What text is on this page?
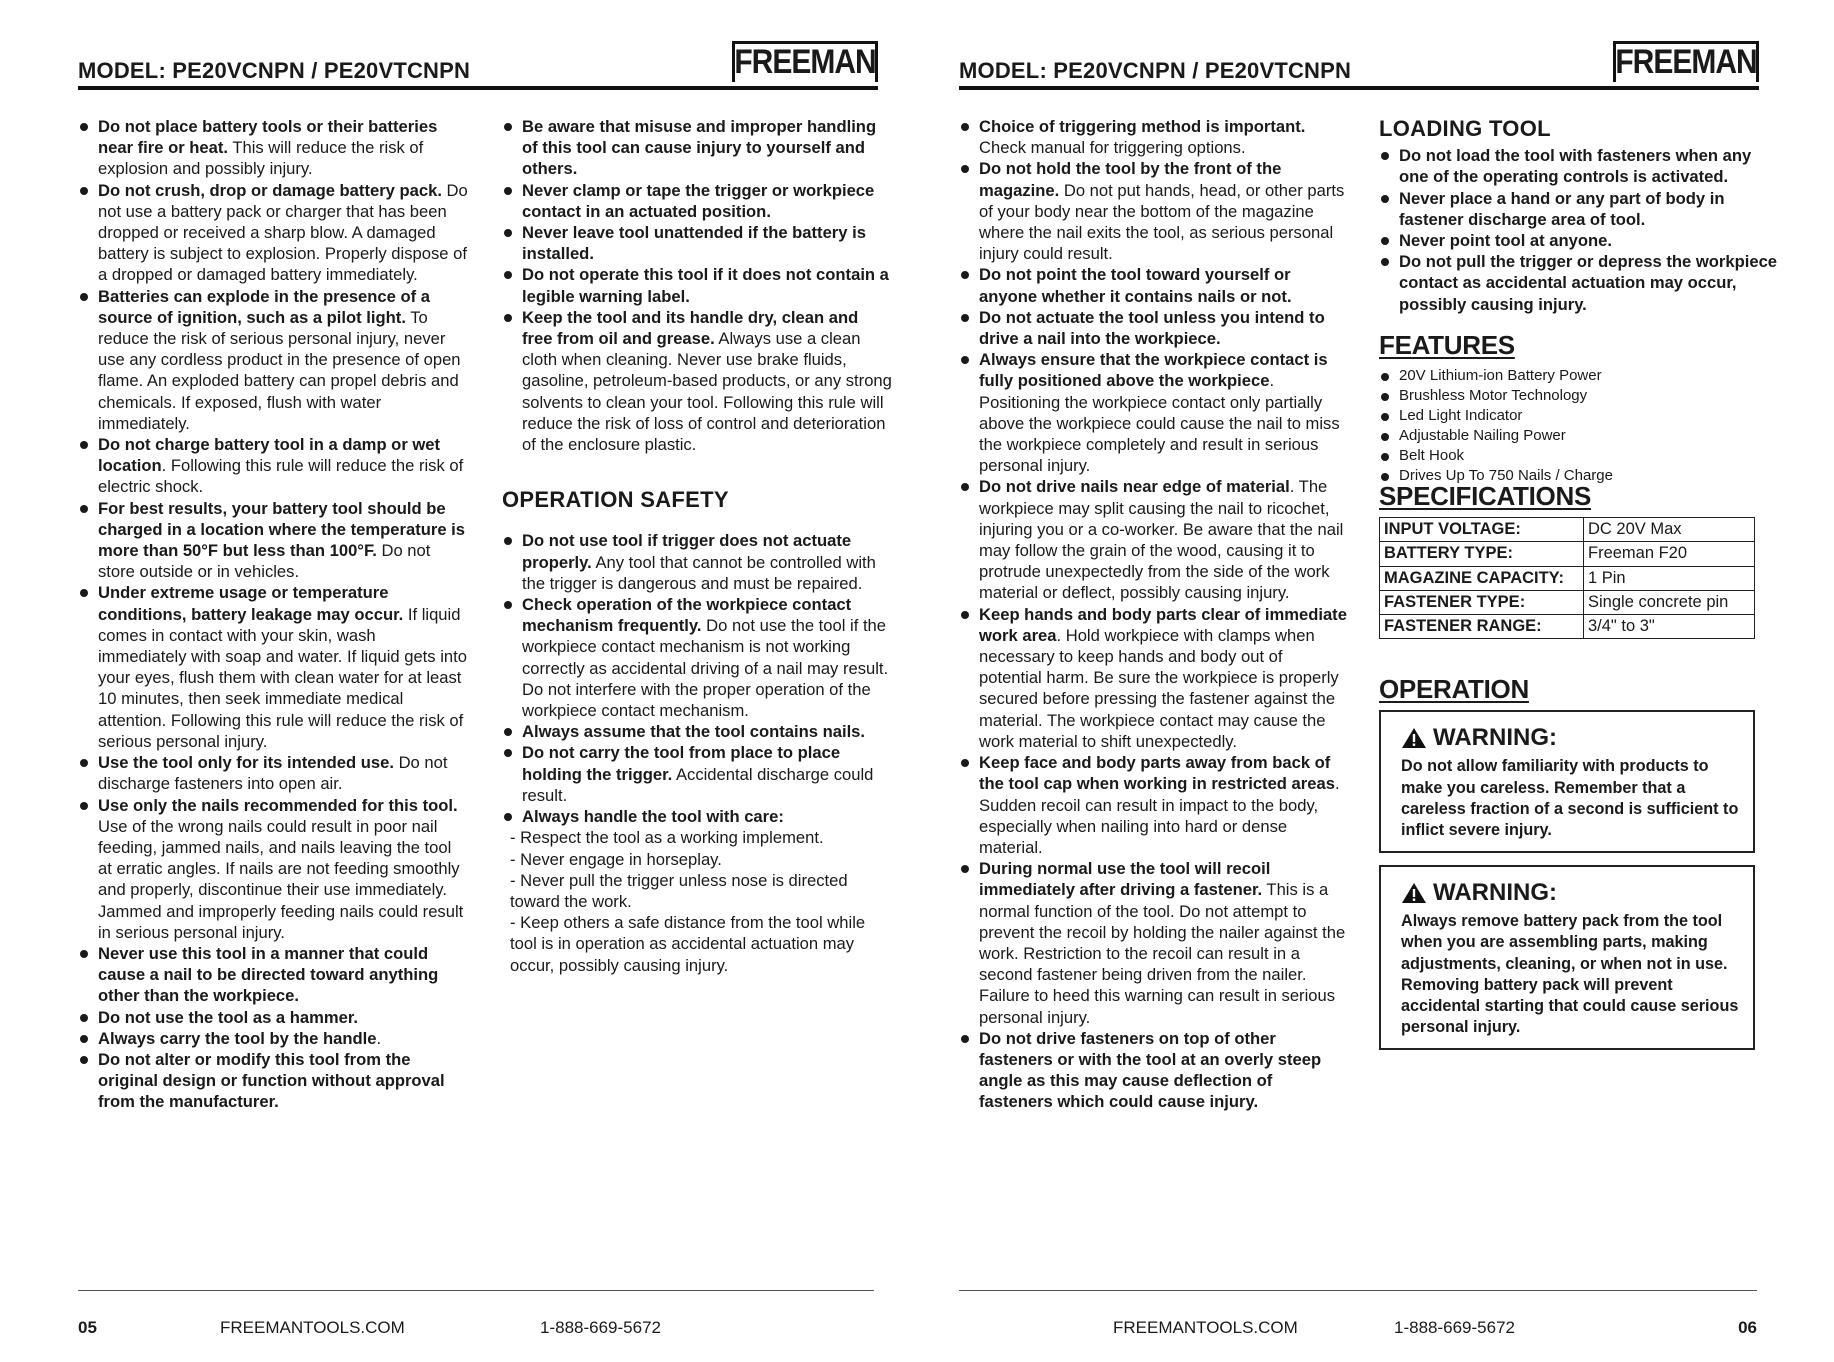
MODEL: PE20VCNPN / PE20VTCNPN	FREEMAN
Do not place battery tools or their batteries near fire or heat. This will reduce the risk of explosion and possibly injury.
Do not crush, drop or damage battery pack. Do not use a battery pack or charger that has been dropped or received a sharp blow. A damaged battery is subject to explosion. Properly dispose of a dropped or damaged battery immediately.
Batteries can explode in the presence of a source of ignition, such as a pilot light. To reduce the risk of serious personal injury, never use any cordless product in the presence of open flame. An exploded battery can propel debris and chemicals. If exposed, flush with water immediately.
Do not charge battery tool in a damp or wet location. Following this rule will reduce the risk of electric shock.
For best results, your battery tool should be charged in a location where the temperature is more than 50°F but less than 100°F. Do not store outside or in vehicles.
Under extreme usage or temperature conditions, battery leakage may occur. If liquid comes in contact with your skin, wash immediately with soap and water. If liquid gets into your eyes, flush them with clean water for at least 10 minutes, then seek immediate medical attention. Following this rule will reduce the risk of serious personal injury.
Use the tool only for its intended use. Do not discharge fasteners into open air.
Use only the nails recommended for this tool. Use of the wrong nails could result in poor nail feeding, jammed nails, and nails leaving the tool at erratic angles. If nails are not feeding smoothly and properly, discontinue their use immediately. Jammed and improperly feeding nails could result in serious personal injury.
Never use this tool in a manner that could cause a nail to be directed toward anything other than the workpiece.
Do not use the tool as a hammer.
Always carry the tool by the handle.
Do not alter or modify this tool from the original design or function without approval from the manufacturer.
Be aware that misuse and improper handling of this tool can cause injury to yourself and others.
Never clamp or tape the trigger or workpiece contact in an actuated position.
Never leave tool unattended if the battery is installed.
Do not operate this tool if it does not contain a legible warning label.
Keep the tool and its handle dry, clean and free from oil and grease. Always use a clean cloth when cleaning. Never use brake fluids, gasoline, petroleum-based products, or any strong solvents to clean your tool. Following this rule will reduce the risk of loss of control and deterioration of the enclosure plastic.
OPERATION SAFETY
Do not use tool if trigger does not actuate properly. Any tool that cannot be controlled with the trigger is dangerous and must be repaired.
Check operation of the workpiece contact mechanism frequently. Do not use the tool if the workpiece contact mechanism is not working correctly as accidental driving of a nail may result. Do not interfere with the proper operation of the workpiece contact mechanism.
Always assume that the tool contains nails.
Do not carry the tool from place to place holding the trigger. Accidental discharge could result.
Always handle the tool with care:
- Respect the tool as a working implement.
- Never engage in horseplay.
- Never pull the trigger unless nose is directed toward the work.
- Keep others a safe distance from the tool while tool is in operation as accidental actuation may occur, possibly causing injury.
05	FREEMANTOOLS.COM	1-888-669-5672
MODEL: PE20VCNPN / PE20VTCNPN	FREEMAN
Choice of triggering method is important. Check manual for triggering options.
Do not hold the tool by the front of the magazine. Do not put hands, head, or other parts of your body near the bottom of the magazine where the nail exits the tool, as serious personal injury could result.
Do not point the tool toward yourself or anyone whether it contains nails or not.
Do not actuate the tool unless you intend to drive a nail into the workpiece.
Always ensure that the workpiece contact is fully positioned above the workpiece. Positioning the workpiece contact only partially above the workpiece could cause the nail to miss the workpiece completely and result in serious personal injury.
Do not drive nails near edge of material. The workpiece may split causing the nail to ricochet, injuring you or a co-worker. Be aware that the nail may follow the grain of the wood, causing it to protrude unexpectedly from the side of the work material or deflect, possibly causing injury.
Keep hands and body parts clear of immediate work area. Hold workpiece with clamps when necessary to keep hands and body out of potential harm. Be sure the workpiece is properly secured before pressing the fastener against the material. The workpiece contact may cause the work material to shift unexpectedly.
Keep face and body parts away from back of the tool cap when working in restricted areas. Sudden recoil can result in impact to the body, especially when nailing into hard or dense material.
During normal use the tool will recoil immediately after driving a fastener. This is a normal function of the tool. Do not attempt to prevent the recoil by holding the nailer against the work. Restriction to the recoil can result in a second fastener being driven from the nailer. Failure to heed this warning can result in serious personal injury.
Do not drive fasteners on top of other fasteners or with the tool at an overly steep angle as this may cause deflection of fasteners which could cause injury.
LOADING TOOL
Do not load the tool with fasteners when any one of the operating controls is activated.
Never place a hand or any part of body in fastener discharge area of tool.
Never point tool at anyone.
Do not pull the trigger or depress the workpiece contact as accidental actuation may occur, possibly causing injury.
FEATURES
20V Lithium-ion Battery Power
Brushless Motor Technology
Led Light Indicator
Adjustable Nailing Power
Belt Hook
Drives Up To 750 Nails / Charge
SPECIFICATIONS
INPUT VOLTAGE:	DC 20V Max
BATTERY TYPE:	Freeman F20
MAGAZINE CAPACITY:	1 Pin
FASTENER TYPE:	Single concrete pin
FASTENER RANGE:	3/4" to 3"
OPERATION
WARNING:
Do not allow familiarity with products to make you careless. Remember that a careless fraction of a second is sufficient to inflict severe injury.
WARNING:
Always remove battery pack from the tool when you are assembling parts, making adjustments, cleaning, or when not in use. Removing battery pack will prevent accidental starting that could cause serious personal injury.
FREEMANTOOLS.COM	1-888-669-5672	06
